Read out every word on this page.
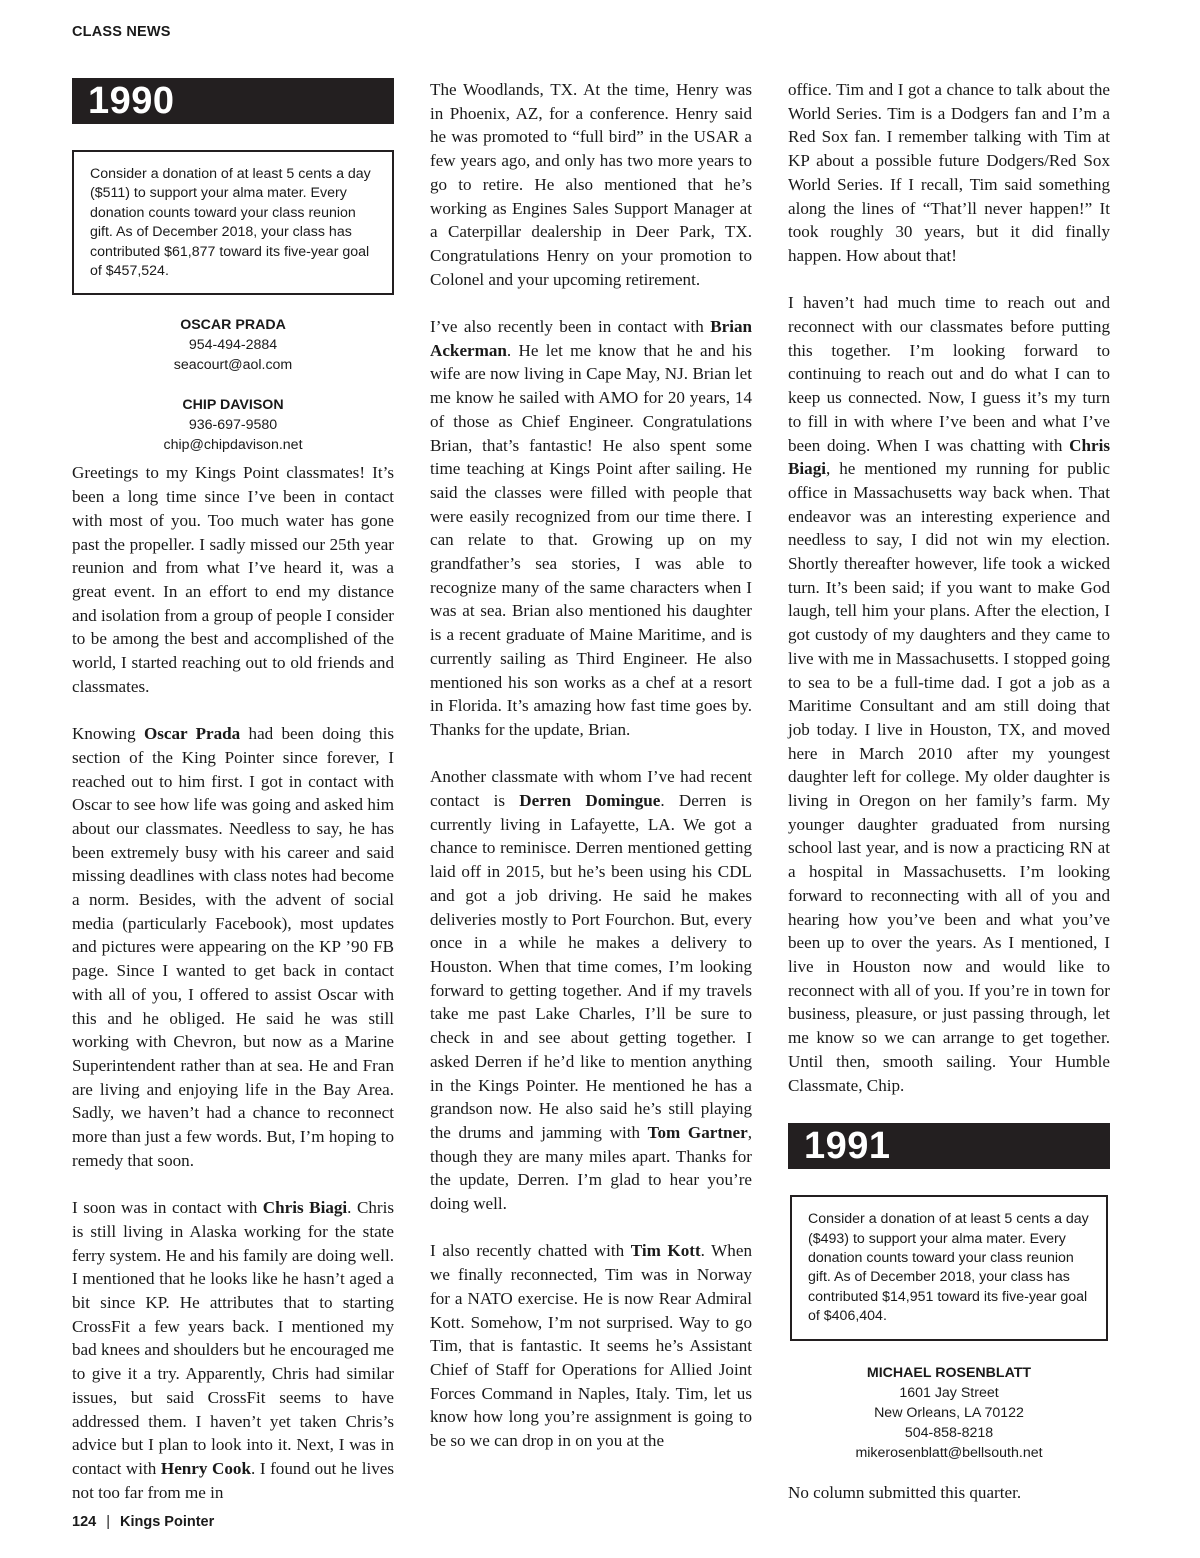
CLASS NEWS
1990
Consider a donation of at least 5 cents a day ($511) to support your alma mater. Every donation counts toward your class reunion gift. As of December 2018, your class has contributed $61,877 toward its five-year goal of $457,524.
OSCAR PRADA
954-494-2884
seacourt@aol.com
CHIP DAVISON
936-697-9580
chip@chipdavison.net

Greetings to my Kings Point classmates! It’s been a long time since I’ve been in contact with most of you. Too much water has gone past the propeller. I sadly missed our 25th year reunion and from what I’ve heard it, was a great event. In an effort to end my distance and isolation from a group of people I consider to be among the best and accomplished of the world, I started reaching out to old friends and classmates.

Knowing Oscar Prada had been doing this section of the King Pointer since forever, I reached out to him first. I got in contact with Oscar to see how life was going and asked him about our classmates. Needless to say, he has been extremely busy with his career and said missing deadlines with class notes had become a norm. Besides, with the advent of social media (particularly Facebook), most updates and pictures were appearing on the KP ’90 FB page. Since I wanted to get back in contact with all of you, I offered to assist Oscar with this and he obliged. He said he was still working with Chevron, but now as a Marine Superintendent rather than at sea. He and Fran are living and enjoying life in the Bay Area. Sadly, we haven’t had a chance to reconnect more than just a few words. But, I’m hoping to remedy that soon.

I soon was in contact with Chris Biagi. Chris is still living in Alaska working for the state ferry system. He and his family are doing well. I mentioned that he looks like he hasn’t aged a bit since KP. He attributes that to starting CrossFit a few years back. I mentioned my bad knees and shoulders but he encouraged me to give it a try. Apparently, Chris had similar issues, but said CrossFit seems to have addressed them. I haven’t yet taken Chris’s advice but I plan to look into it. Next, I was in contact with Henry Cook. I found out he lives not too far from me in

The Woodlands, TX. At the time, Henry was in Phoenix, AZ, for a conference. Henry said he was promoted to “full bird” in the USAR a few years ago, and only has two more years to go to retire. He also mentioned that he’s working as Engines Sales Support Manager at a Caterpillar dealership in Deer Park, TX. Congratulations Henry on your promotion to Colonel and your upcoming retirement.

I’ve also recently been in contact with Brian Ackerman. He let me know that he and his wife are now living in Cape May, NJ. Brian let me know he sailed with AMO for 20 years, 14 of those as Chief Engineer. Congratulations Brian, that’s fantastic! He also spent some time teaching at Kings Point after sailing. He said the classes were filled with people that were easily recognized from our time there. I can relate to that. Growing up on my grandfather’s sea stories, I was able to recognize many of the same characters when I was at sea. Brian also mentioned his daughter is a recent graduate of Maine Maritime, and is currently sailing as Third Engineer. He also mentioned his son works as a chef at a resort in Florida. It’s amazing how fast time goes by. Thanks for the update, Brian.

Another classmate with whom I’ve had recent contact is Derren Domingue. Derren is currently living in Lafayette, LA. We got a chance to reminisce. Derren mentioned getting laid off in 2015, but he’s been using his CDL and got a job driving. He said he makes deliveries mostly to Port Fourchon. But, every once in a while he makes a delivery to Houston. When that time comes, I’m looking forward to getting together. And if my travels take me past Lake Charles, I’ll be sure to check in and see about getting together. I asked Derren if he’d like to mention anything in the Kings Pointer. He mentioned he has a grandson now. He also said he’s still playing the drums and jamming with Tom Gartner, though they are many miles apart. Thanks for the update, Derren. I’m glad to hear you’re doing well.

I also recently chatted with Tim Kott. When we finally reconnected, Tim was in Norway for a NATO exercise. He is now Rear Admiral Kott. Somehow, I’m not surprised. Way to go Tim, that is fantastic. It seems he’s Assistant Chief of Staff for Operations for Allied Joint Forces Command in Naples, Italy. Tim, let us know how long you’re assignment is going to be so we can drop in on you at the

office. Tim and I got a chance to talk about the World Series. Tim is a Dodgers fan and I’m a Red Sox fan. I remember talking with Tim at KP about a possible future Dodgers/Red Sox World Series. If I recall, Tim said something along the lines of “That’ll never happen!” It took roughly 30 years, but it did finally happen. How about that!

I haven’t had much time to reach out and reconnect with our classmates before putting this together. I’m looking forward to continuing to reach out and do what I can to keep us connected. Now, I guess it’s my turn to fill in with where I’ve been and what I’ve been doing. When I was chatting with Chris Biagi, he mentioned my running for public office in Massachusetts way back when. That endeavor was an interesting experience and needless to say, I did not win my election. Shortly thereafter however, life took a wicked turn. It’s been said; if you want to make God laugh, tell him your plans. After the election, I got custody of my daughters and they came to live with me in Massachusetts. I stopped going to sea to be a full-time dad. I got a job as a Maritime Consultant and am still doing that job today. I live in Houston, TX, and moved here in March 2010 after my youngest daughter left for college. My older daughter is living in Oregon on her family’s farm. My younger daughter graduated from nursing school last year, and is now a practicing RN at a hospital in Massachusetts. I’m looking forward to reconnecting with all of you and hearing how you’ve been and what you’ve been up to over the years. As I mentioned, I live in Houston now and would like to reconnect with all of you. If you’re in town for business, pleasure, or just passing through, let me know so we can arrange to get together. Until then, smooth sailing. Your Humble Classmate, Chip.

1991
Consider a donation of at least 5 cents a day ($493) to support your alma mater. Every donation counts toward your class reunion gift. As of December 2018, your class has contributed $14,951 toward its five-year goal of $406,404.
MICHAEL ROSENBLATT
1601 Jay Street
New Orleans, LA 70122
504-858-8218
mikerosenblatt@bellsouth.net

No column submitted this quarter.

124 | Kings Pointer
